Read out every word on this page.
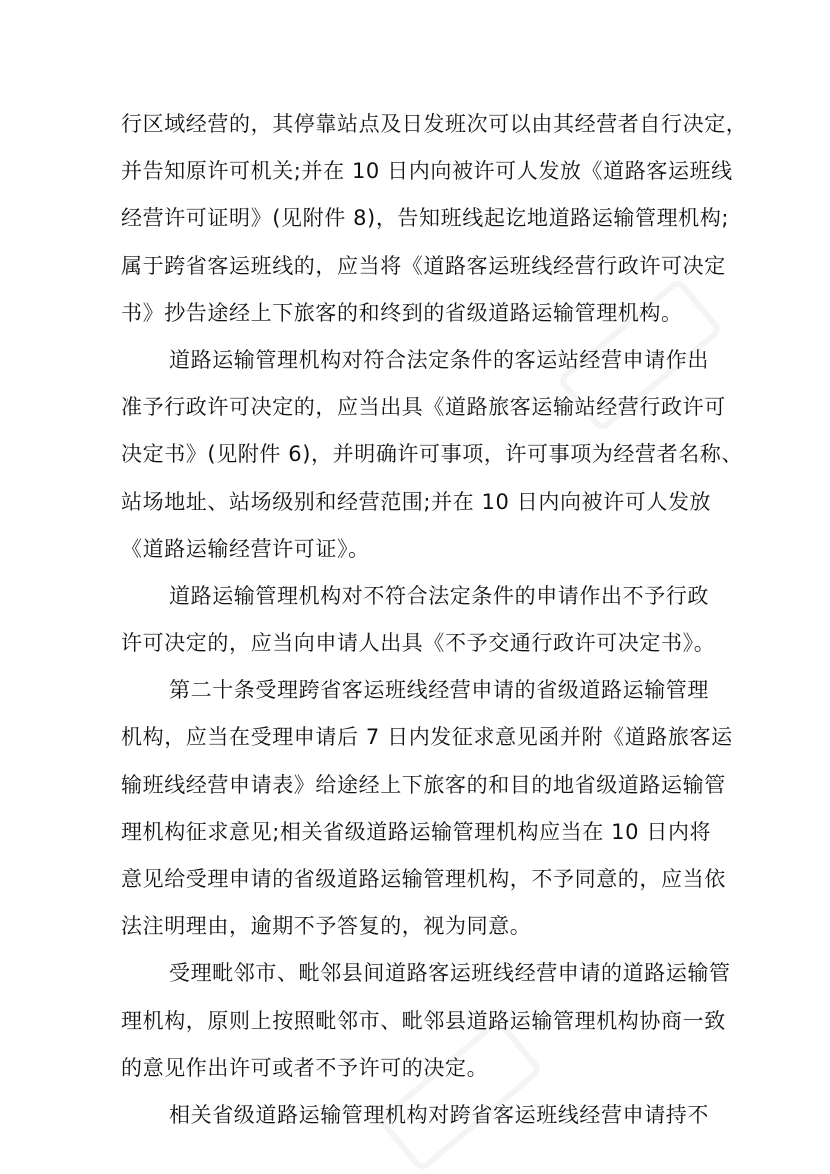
行区域经营的，其停靠站点及日发班次可以由其经营者自行决定，
并告知原许可机关;并在 10 日内向被许可人发放《道路客运班线
经营许可证明》(见附件 8)，告知班线起讫地道路运输管理机构;
属于跨省客运班线的，应当将《道路客运班线经营行政许可决定
书》抄告途经上下旅客的和终到的省级道路运输管理机构。
道路运输管理机构对符合法定条件的客运站经营申请作出
准予行政许可决定的，应当出具《道路旅客运输站经营行政许可
决定书》(见附件 6)，并明确许可事项，许可事项为经营者名称、
站场地址、站场级别和经营范围;并在 10 日内向被许可人发放
《道路运输经营许可证》。
道路运输管理机构对不符合法定条件的申请作出不予行政
许可决定的，应当向申请人出具《不予交通行政许可决定书》。
第二十条受理跨省客运班线经营申请的省级道路运输管理
机构，应当在受理申请后 7 日内发征求意见函并附《道路旅客运
输班线经营申请表》给途经上下旅客的和目的地省级道路运输管
理机构征求意见;相关省级道路运输管理机构应当在 10 日内将
意见给受理申请的省级道路运输管理机构，不予同意的，应当依
法注明理由，逾期不予答复的，视为同意。
受理毗邻市、毗邻县间道路客运班线经营申请的道路运输管
理机构，原则上按照毗邻市、毗邻县道路运输管理机构协商一致
的意见作出许可或者不予许可的决定。
相关省级道路运输管理机构对跨省客运班线经营申请持不
